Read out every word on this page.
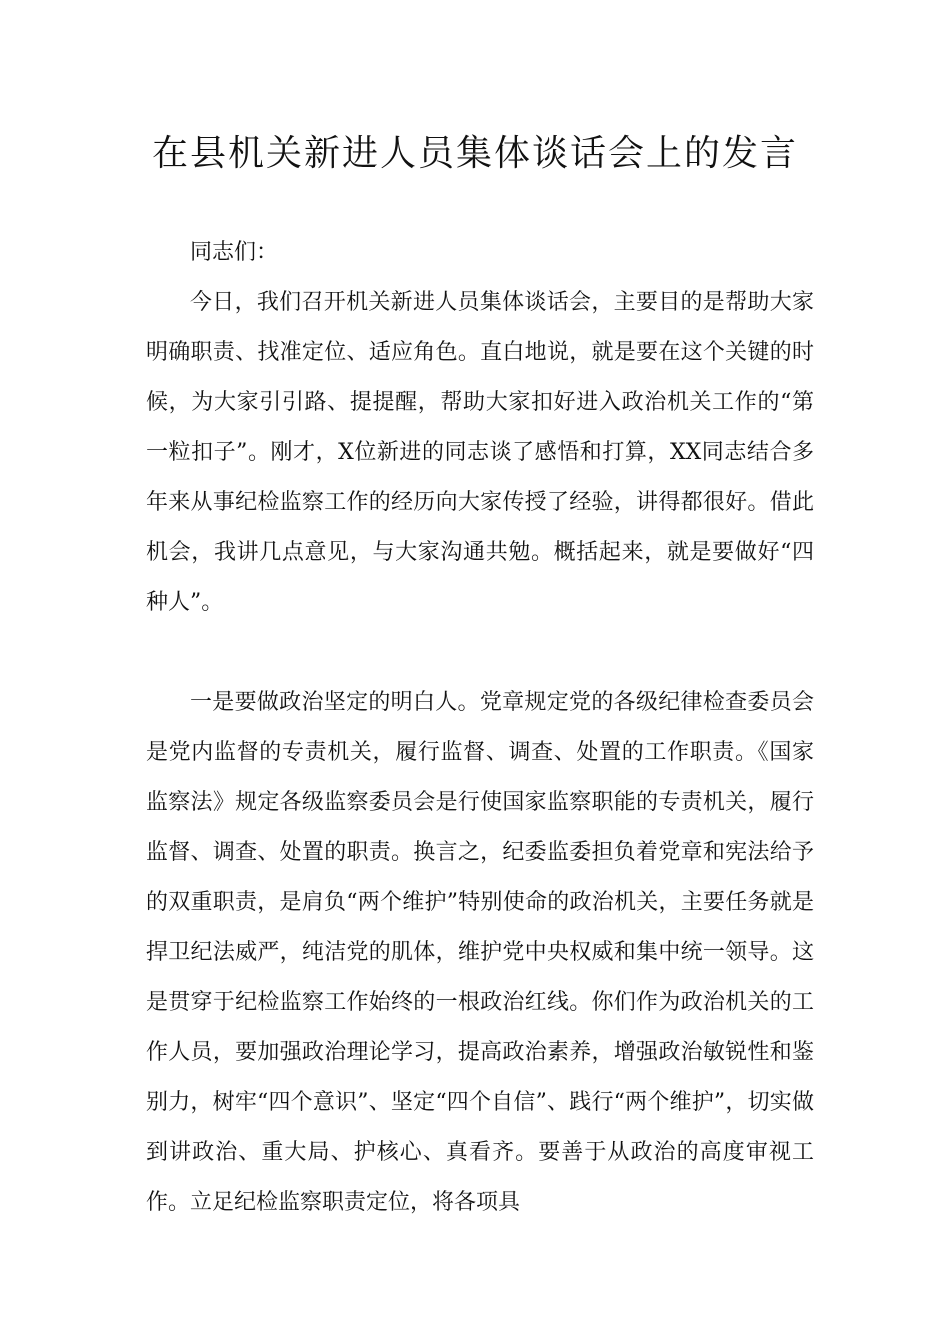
在县机关新进人员集体谈话会上的发言

同志们：

今日，我们召开机关新进人员集体谈话会，主要目的是帮助大家明确职责、找准定位、适应角色。直白地说，就是要在这个关键的时候，为大家引引路、提提醒，帮助大家扣好进入政治机关工作的“第一粒扣子”。刚才，X位新进的同志谈了感悟和打算，XX同志结合多年来从事纪检监察工作的经历向大家传授了经验，讲得都很好。借此机会，我讲几点意见，与大家沟通共勉。概括起来，就是要做好“四种人”。

一是要做政治坚定的明白人。党章规定党的各级纪律检查委员会是党内监督的专责机关，履行监督、调查、处置的工作职责。《国家监察法》规定各级监察委员会是行使国家监察职能的专责机关，履行监督、调查、处置的职责。换言之，纪委监委担负着党章和宪法给予的双重职责，是肩负“两个维护”特别使命的政治机关，主要任务就是捍卫纪法威严，纯洁党的肌体，维护党中央权威和集中统一领导。这是贯穿于纪检监察工作始终的一根政治红线。你们作为政治机关的工作人员，要加强政治理论学习，提高政治素养，增强政治敏锐性和鉴别力，树牢“四个意识”、坚定“四个自信”、践行“两个维护”，切实做到讲政治、重大局、护核心、真看齐。要善于从政治的高度审视工作。立足纪检监察职责定位，将各项具
